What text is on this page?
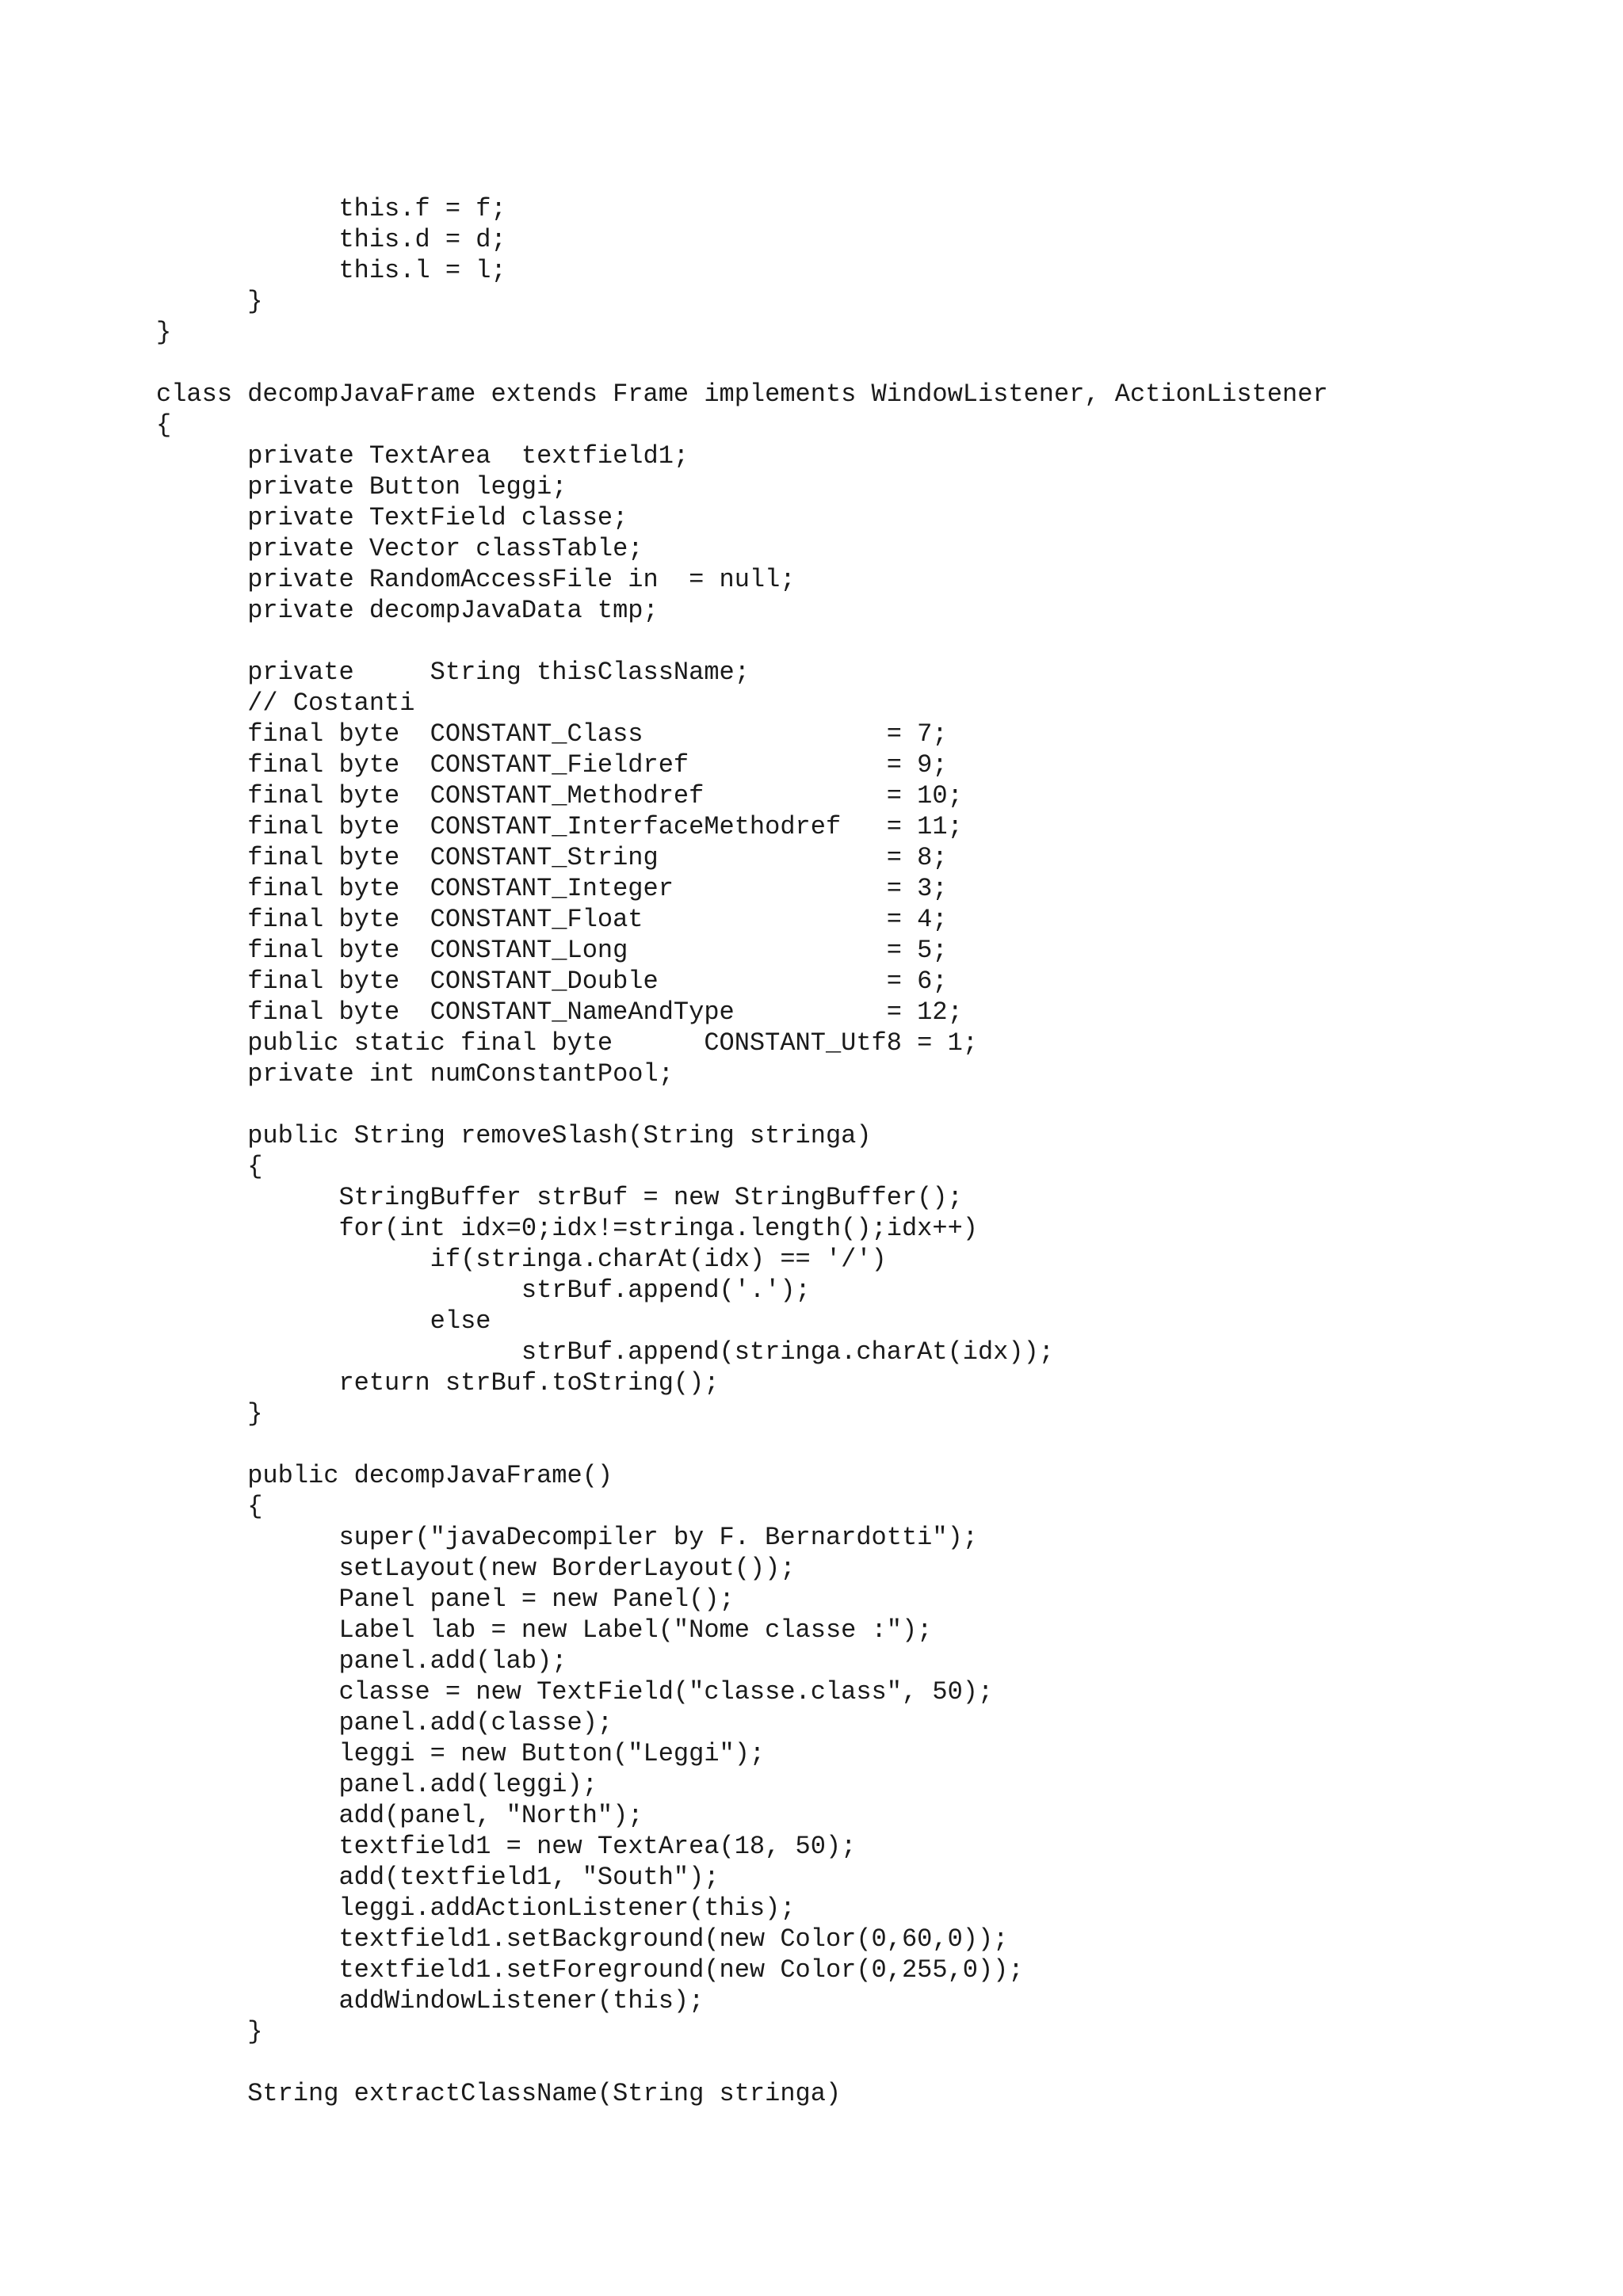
this.f = f;
this.d = d;
this.l = l;
}
}
class decompJavaFrame extends Frame implements WindowListener, ActionListener
{
private TextArea  textfield1;
private Button leggi;
private TextField classe;
private Vector classTable;
private RandomAccessFile in  = null;
private decompJavaData tmp;
private     String thisClassName;
// Costanti
final byte  CONSTANT_Class                = 7;
final byte  CONSTANT_Fieldref             = 9;
final byte  CONSTANT_Methodref            = 10;
final byte  CONSTANT_InterfaceMethodref   = 11;
final byte  CONSTANT_String               = 8;
final byte  CONSTANT_Integer              = 3;
final byte  CONSTANT_Float                = 4;
final byte  CONSTANT_Long                 = 5;
final byte  CONSTANT_Double               = 6;
final byte  CONSTANT_NameAndType          = 12;
public static final byte      CONSTANT_Utf8 = 1;
private int numConstantPool;
public String removeSlash(String stringa)
{
StringBuffer strBuf = new StringBuffer();
for(int idx=0;idx!=stringa.length();idx++)
if(stringa.charAt(idx) == '/')
strBuf.append('.');
else
strBuf.append(stringa.charAt(idx));
return strBuf.toString();
}
public decompJavaFrame()
{
super("javaDecompiler by F. Bernardotti");
setLayout(new BorderLayout());
Panel panel = new Panel();
Label lab = new Label("Nome classe :");
panel.add(lab);
classe = new TextField("classe.class", 50);
panel.add(classe);
leggi = new Button("Leggi");
panel.add(leggi);
add(panel, "North");
textfield1 = new TextArea(18, 50);
add(textfield1, "South");
leggi.addActionListener(this);
textfield1.setBackground(new Color(0,60,0));
textfield1.setForeground(new Color(0,255,0));
addWindowListener(this);
}
String extractClassName(String stringa)
